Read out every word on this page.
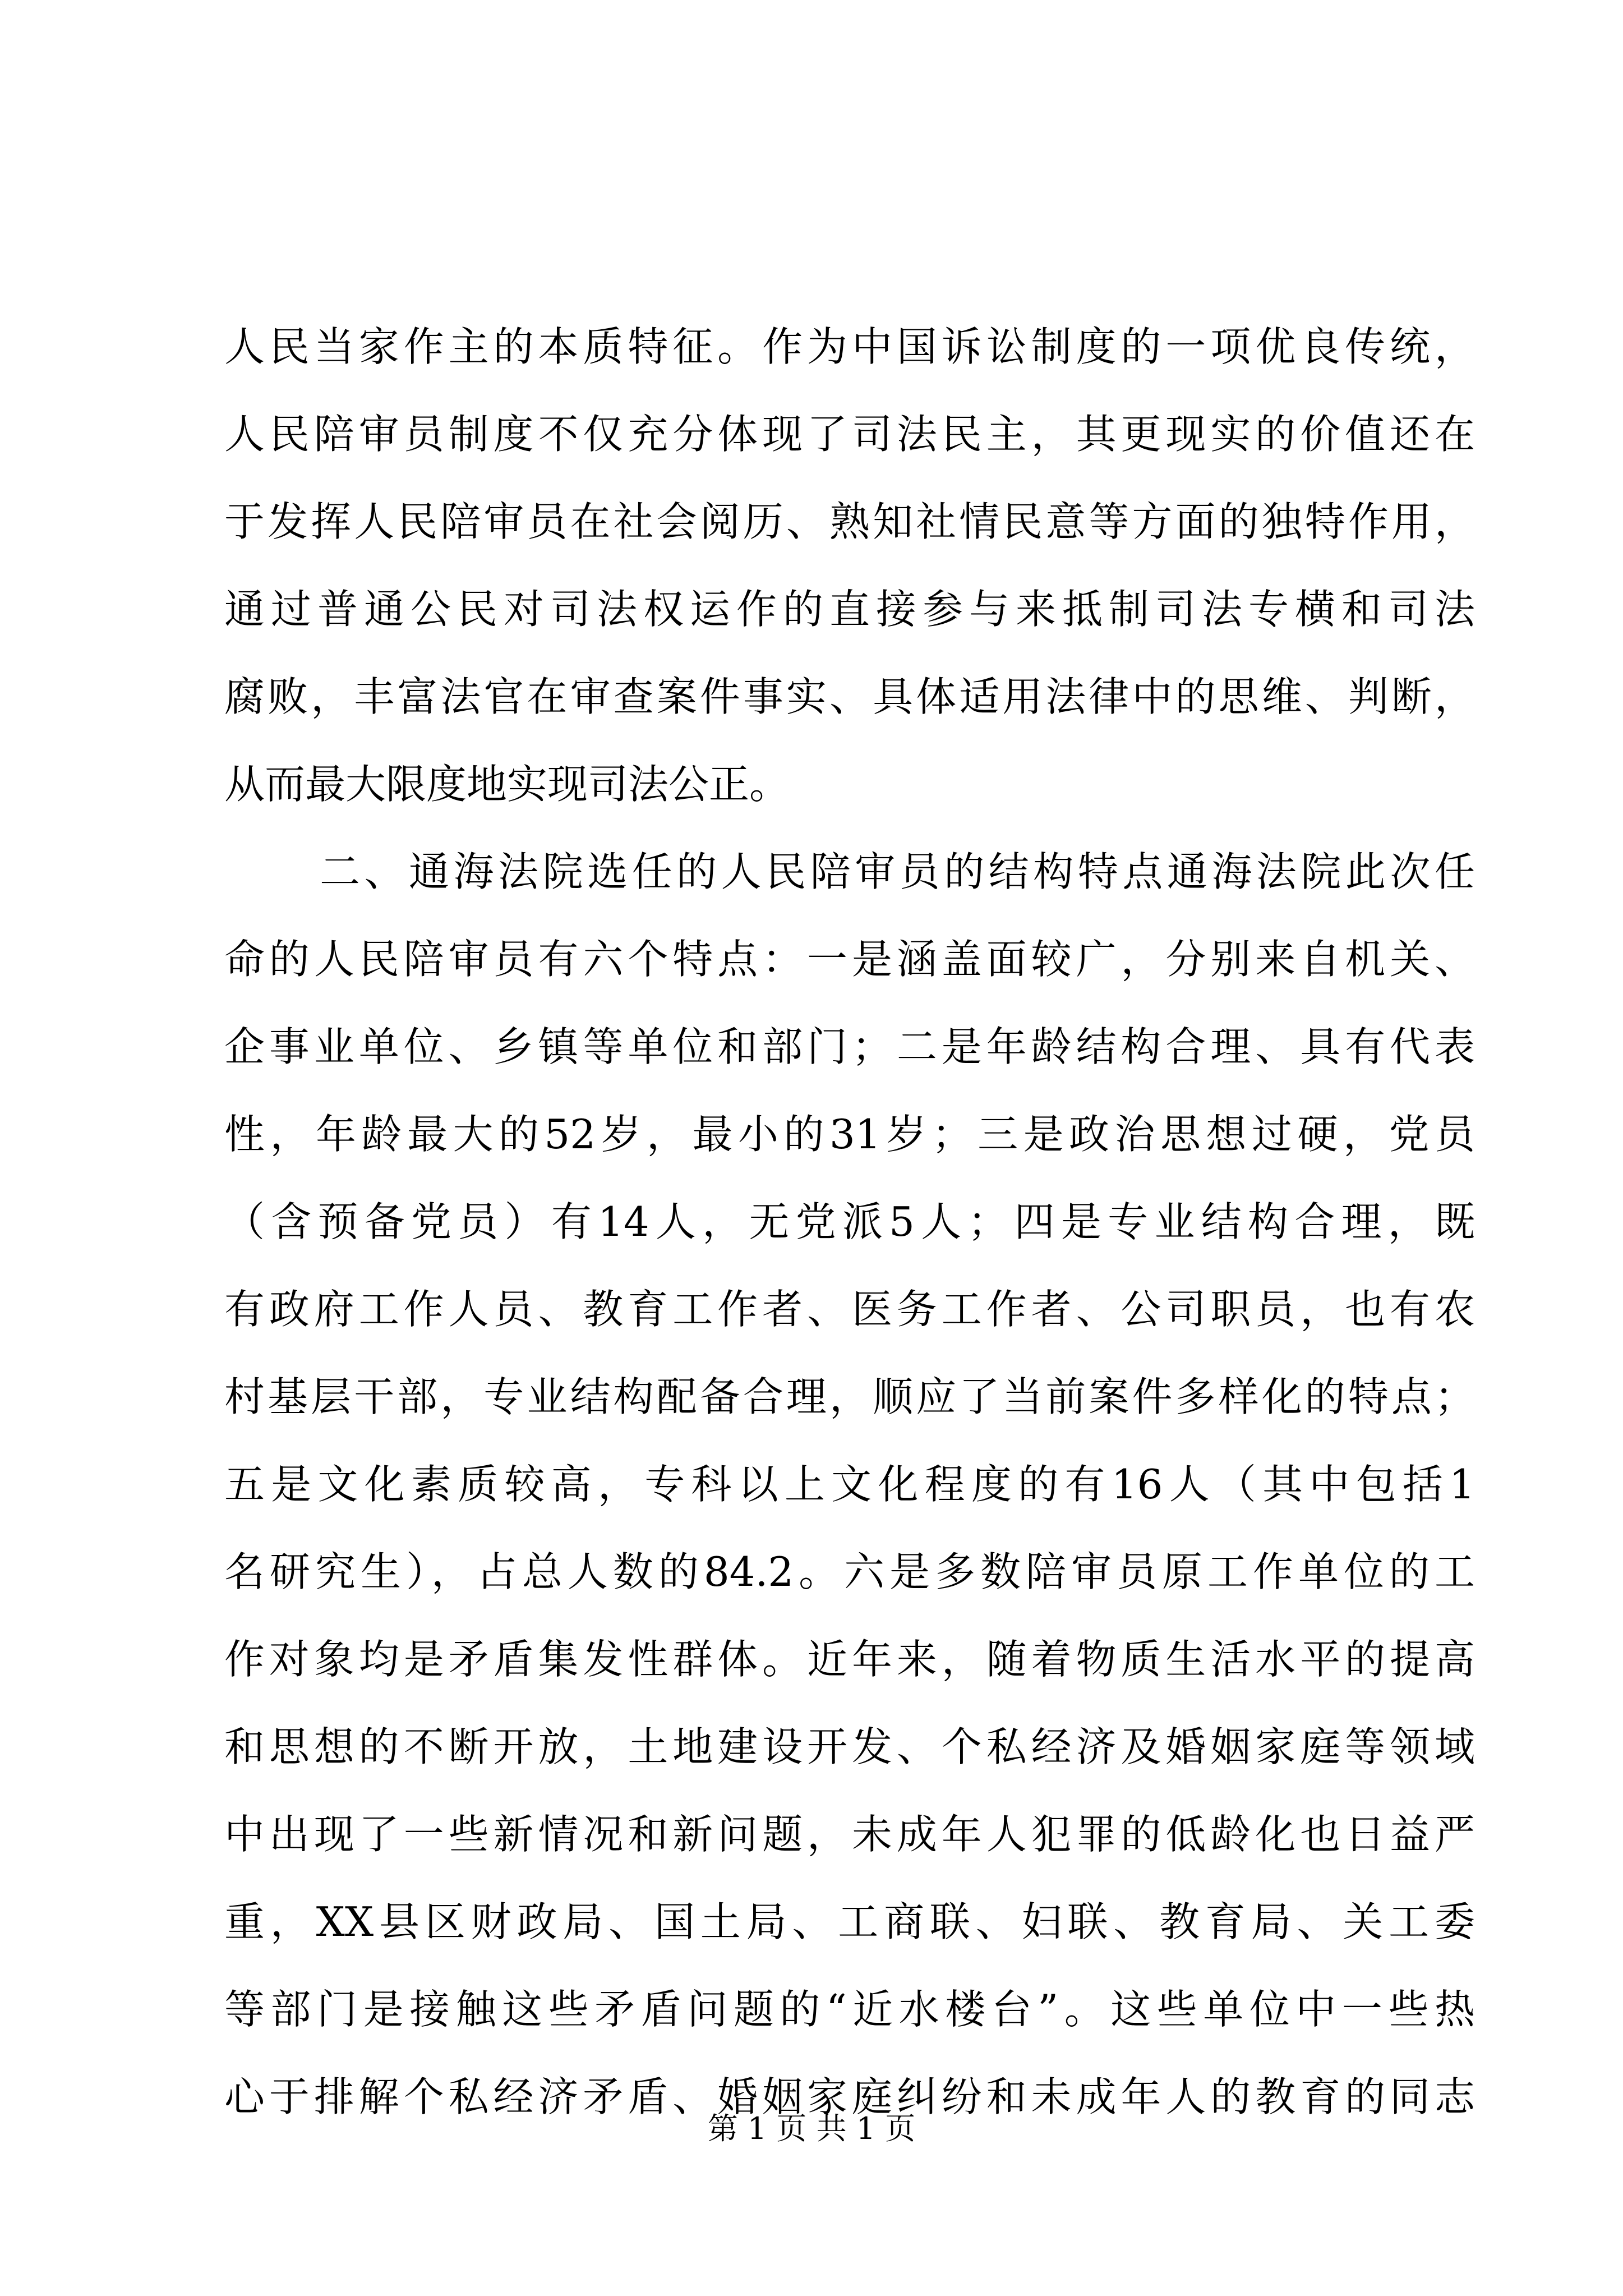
人民当家作主的本质特征。作为中国诉讼制度的一项优良传统，
人民陪审员制度不仅充分体现了司法民主，其更现实的价值还在
于发挥人民陪审员在社会阅历、熟知社情民意等方面的独特作用，
通过普通公民对司法权运作的直接参与来抵制司法专横和司法
腐败，丰富法官在审查案件事实、具体适用法律中的思维、判断，
从而最大限度地实现司法公正。
二、通海法院选任的人民陪审员的结构特点通海法院此次任
命的人民陪审员有六个特点：一是涵盖面较广，分别来自机关、
企事业单位、乡镇等单位和部门；二是年龄结构合理、具有代表
性，年龄最大的52岁，最小的31岁；三是政治思想过硬，党员
（含预备党员）有14人，无党派5人；四是专业结构合理，既
有政府工作人员、教育工作者、医务工作者、公司职员，也有农
村基层干部，专业结构配备合理，顺应了当前案件多样化的特点；
五是文化素质较高，专科以上文化程度的有16人（其中包括1
名研究生），占总人数的84.2。六是多数陪审员原工作单位的工
作对象均是矛盾集发性群体。近年来，随着物质生活水平的提高
和思想的不断开放，土地建设开发、个私经济及婚姻家庭等领域
中出现了一些新情况和新问题，未成年人犯罪的低龄化也日益严
重，XX县区财政局、国土局、工商联、妇联、教育局、关工委
等部门是接触这些矛盾问题的“近水楼台”。这些单位中一些热
心于排解个私经济矛盾、婚姻家庭纠纷和未成年人的教育的同志
第 1 页 共 1 页
